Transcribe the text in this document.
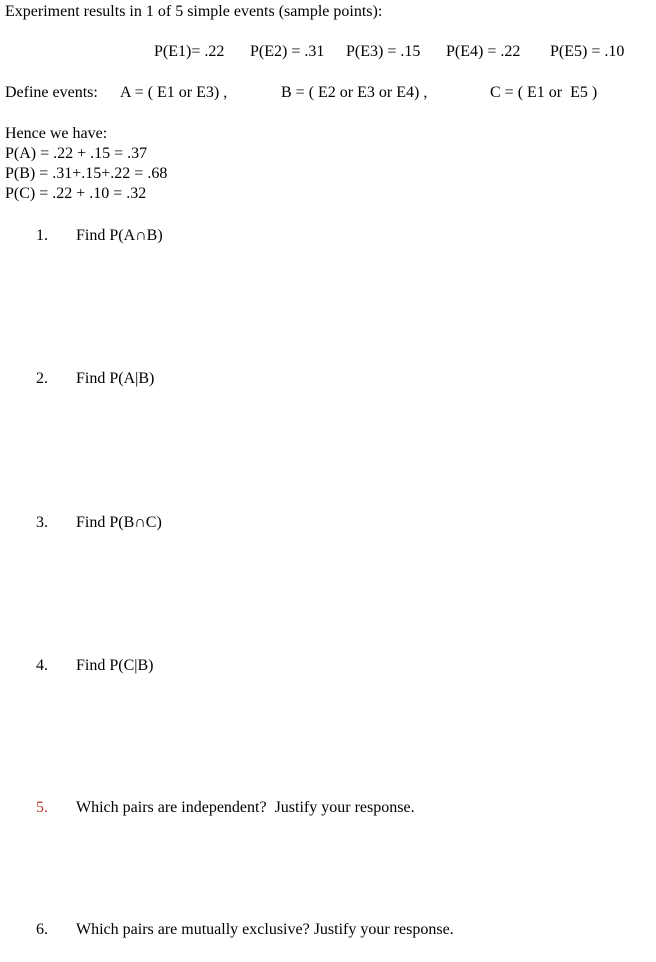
Experiment results in 1 of 5 simple events (sample points):
P(E1)= .22 P(E2) = .31 P(E3) = .15 P(E4) = .22 P(E5) = .10
Define events: A = ( E1 or E3) ,	B = ( E2 or E3 or E4) ,	C = ( E1 or  E5 )
Hence we have:
P(A) = .22 + .15 = .37
P(B) = .31+.15+.22 = .68
P(C) = .22 + .10 = .32
1.	Find P(A∩B)
2.	Find P(A|B)
3.	Find P(B∩C)
4.	Find P(C|B)
5.	Which pairs are independent?  Justify your response.
6.	Which pairs are mutually exclusive? Justify your response.
